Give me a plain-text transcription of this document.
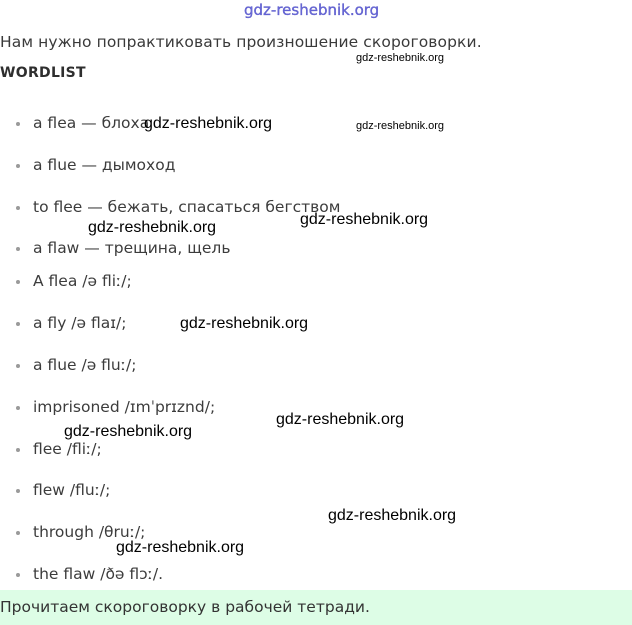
gdz-reshebnik.org
Нам нужно попрактиковать произношение скороговорки.
WORDLIST
a flea — блоха
a flue — дымоход
to flee — бежать, спасаться бегством
a flaw — трещина, щель
A flea /ə fliː/;
a fly /ə flaɪ/;
a flue /ə fluː/;
imprisoned /ɪmˈprɪznd/;
flee /fliː/;
flew /fluː/;
through /θruː/;
the flaw /ðə flɔː/.
gdz-reshebnik.org
gdz-reshebnik.org	gdz-reshebnik.org
gdz-reshebnik.org
gdz-reshebnik.org
gdz-reshebnik.org
gdz-reshebnik.org
gdz-reshebnik.org
gdz-reshebnik.org
gdz-reshebnik.org
Прочитаем скороговорку в рабочей тетради.
